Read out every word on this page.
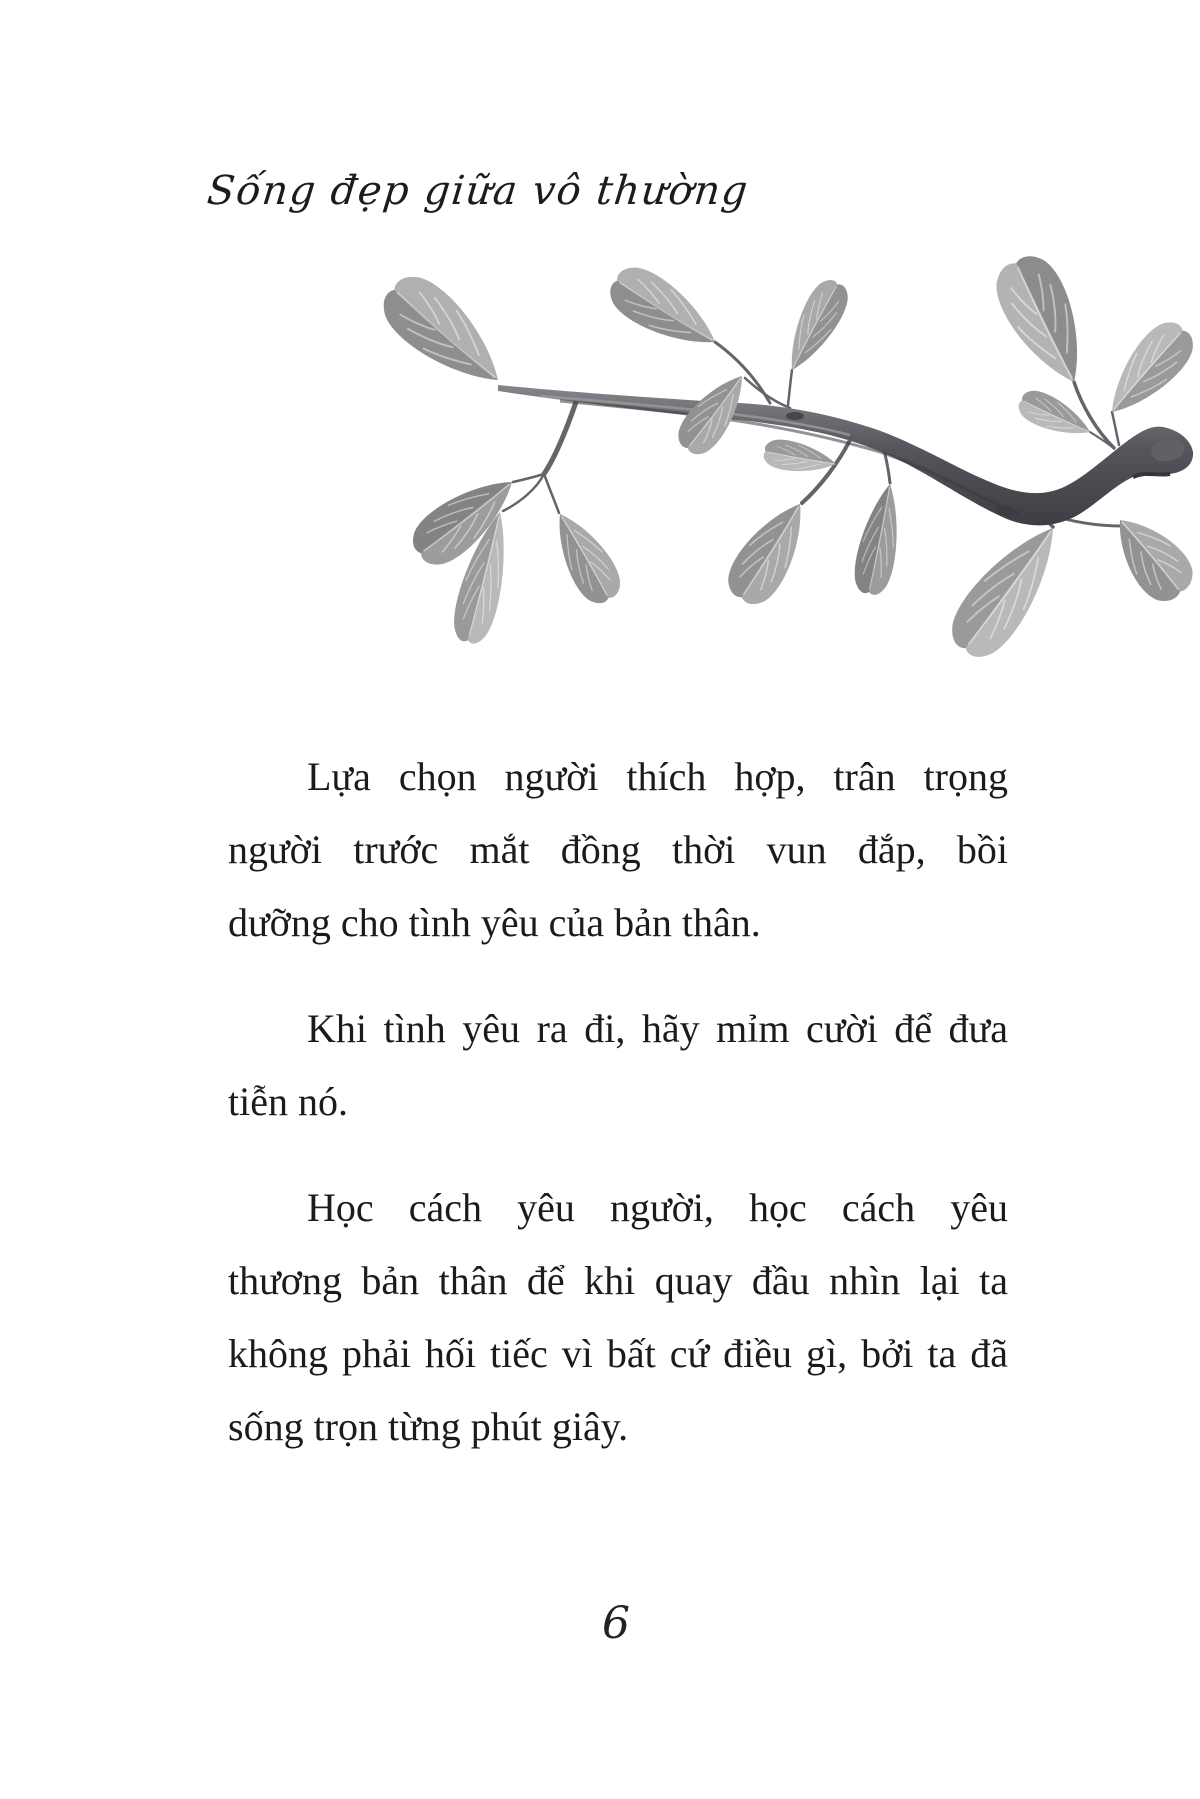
Sống đẹp giữa vô thường
Lựa chọn người thích hợp, trân trọng
người trước mắt đồng thời vun đắp, bồi
dưỡng cho tình yêu của bản thân.
Khi tình yêu ra đi, hãy mỉm cười để đưa
tiễn nó.
Học cách yêu người, học cách yêu
thương bản thân để khi quay đầu nhìn lại ta
không phải hối tiếc vì bất cứ điều gì, bởi ta đã
sống trọn từng phút giây.
6
